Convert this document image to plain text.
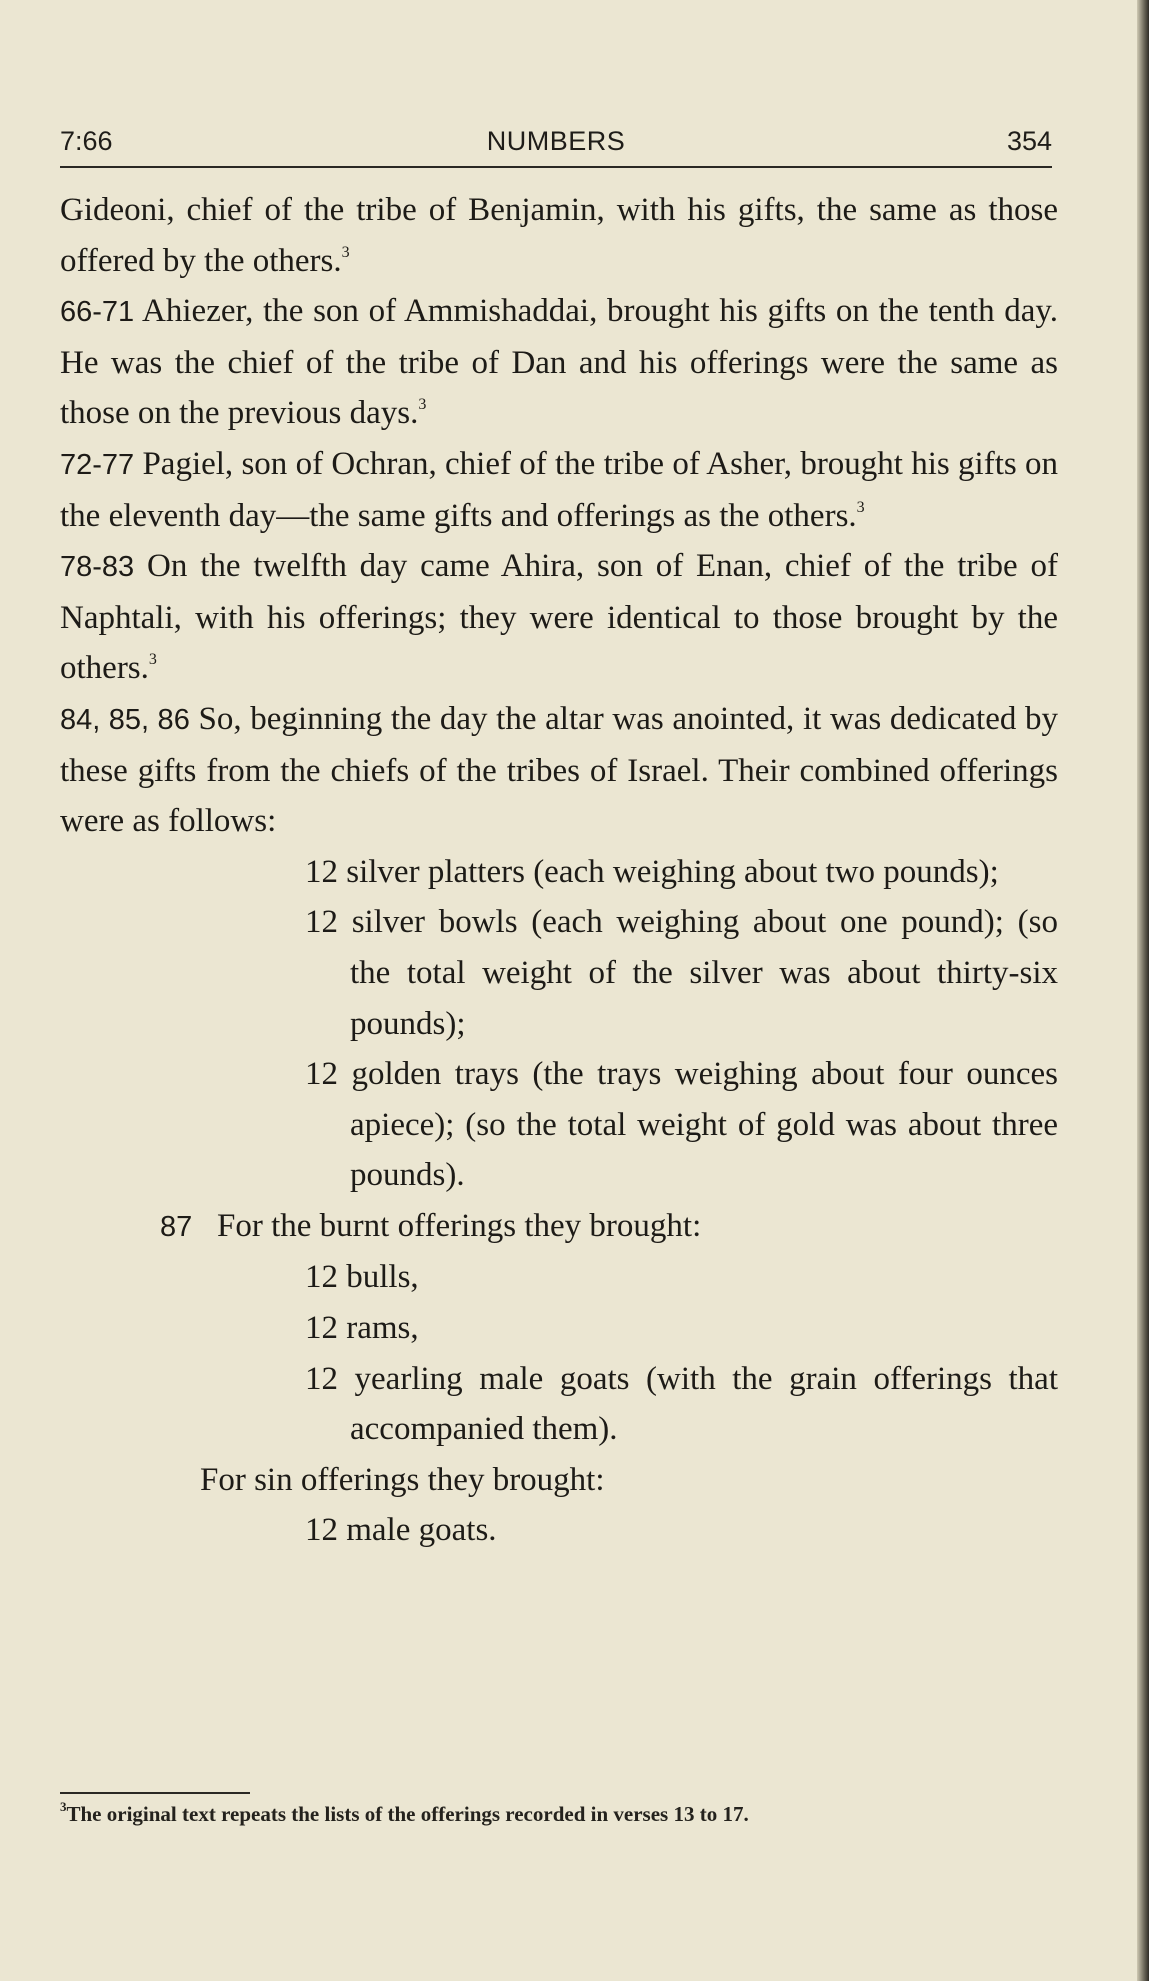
7:66	NUMBERS	354

Gideoni, chief of the tribe of Benjamin, with his gifts, the same as those offered by the others.$^3$

66-71 Ahiezer, the son of Ammishaddai, brought his gifts on the tenth day. He was the chief of the tribe of Dan and his offerings were the same as those on the previous days.$^3$

72-77 Pagiel, son of Ochran, chief of the tribe of Asher, brought his gifts on the eleventh day—the same gifts and offerings as the others.$^3$

78-83 On the twelfth day came Ahira, son of Enan, chief of the tribe of Naphtali, with his offerings; they were identical to those brought by the others.$^3$

84, 85, 86 So, beginning the day the altar was anointed, it was dedicated by these gifts from the chiefs of the tribes of Israel. Their combined offerings were as follows:

12 silver platters (each weighing about two pounds);
12 silver bowls (each weighing about one pound); (so the total weight of the silver was about thirty-six pounds);
12 golden trays (the trays weighing about four ounces apiece); (so the total weight of gold was about three pounds).

87 For the burnt offerings they brought:

12 bulls,
12 rams,
12 yearling male goats (with the grain offerings that accompanied them).

For sin offerings they brought:

12 male goats.
$^3$The original text repeats the lists of the offerings recorded in verses 13 to 17.
